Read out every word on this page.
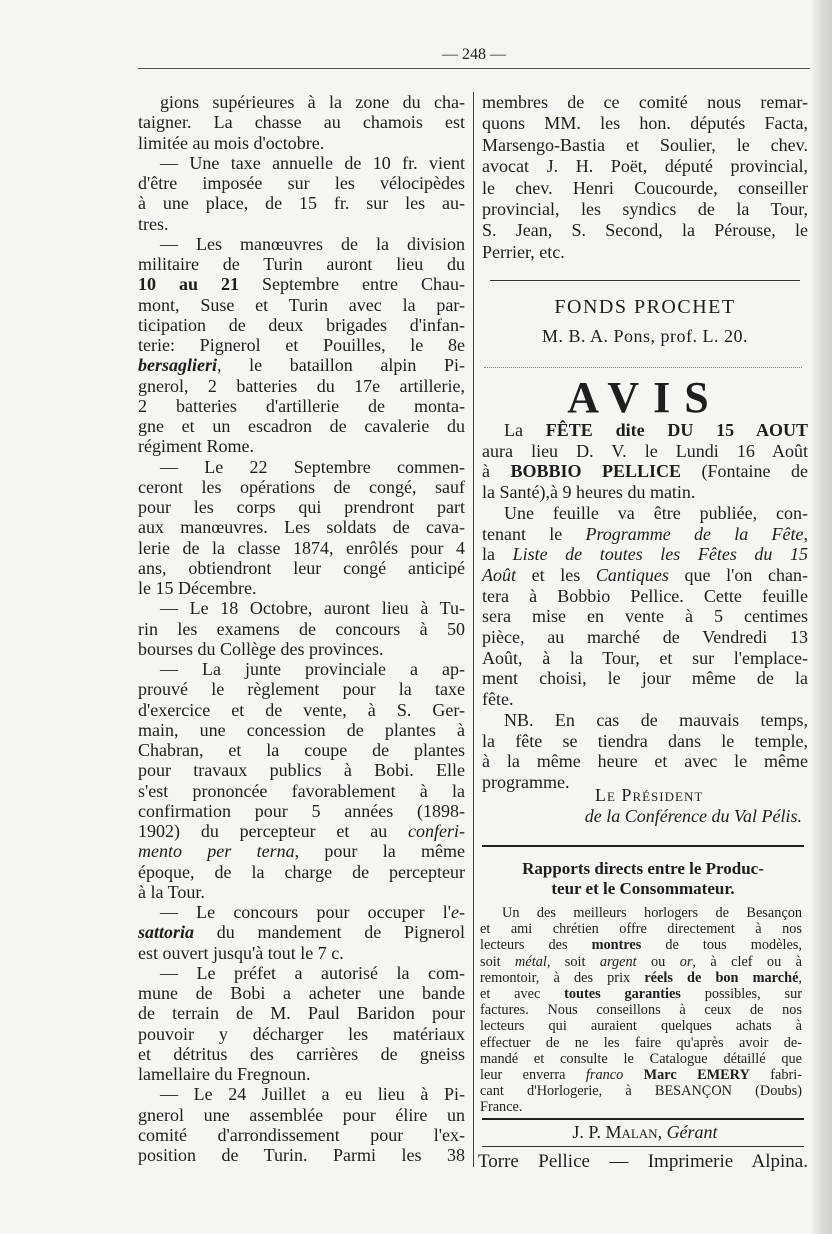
— 248 —
gions supérieures à la zone du cha-
taigner. La chasse au chamois est
limitée au mois d'octobre.
— Une taxe annuelle de 10 fr. vient
d'être imposée sur les vélocipèdes
à une place, de 15 fr. sur les au-
tres.
— Les manœuvres de la division
militaire de Turin auront lieu du
10 au 21 Septembre entre Chau-
mont, Suse et Turin avec la par-
ticipation de deux brigades d'infan-
terie: Pignerol et Pouilles, le 8e
bersaglieri, le bataillon alpin Pi-
gnerol, 2 batteries du 17e artillerie,
2 batteries d'artillerie de monta-
gne et un escadron de cavalerie du
régiment Rome.
— Le 22 Septembre commen-
ceront les opérations de congé, sauf
pour les corps qui prendront part
aux manœuvres. Les soldats de cava-
lerie de la classe 1874, enrôlés pour 4
ans, obtiendront leur congé anticipé
le 15 Décembre.
— Le 18 Octobre, auront lieu à Tu-
rin les examens de concours à 50
bourses du Collège des provinces.
— La junte provinciale a ap-
prouvé le règlement pour la taxe
d'exercice et de vente, à S. Ger-
main, une concession de plantes à
Chabran, et la coupe de plantes
pour travaux publics à Bobi. Elle
s'est prononcée favorablement à la
confirmation pour 5 années (1898-
1902) du percepteur et au conferi-
mento per terna, pour la même
époque, de la charge de percepteur
à la Tour.
— Le concours pour occuper l'e-
sattoria du mandement de Pignerol
est ouvert jusqu'à tout le 7 c.
— Le préfet a autorisé la com-
mune de Bobi a acheter une bande
de terrain de M. Paul Baridon pour
pouvoir y décharger les matériaux
et détritus des carrières de gneiss
lamellaire du Fregnoun.
— Le 24 Juillet a eu lieu à Pi-
gnerol une assemblée pour élire un
comité d'arrondissement pour l'ex-
position de Turin. Parmi les 38
membres de ce comité nous remar-
quons MM. les hon. députés Facta,
Marsengo-Bastia et Soulier, le chev.
avocat J. H. Poët, député provincial,
le chev. Henri Coucourde, conseiller
provincial, les syndics de la Tour,
S. Jean, S. Second, la Pérouse, le
Perrier, etc.
FONDS PROCHET
M. B. A. Pons, prof. L. 20.
AVIS
La FÊTE dite DU 15 AOUT
aura lieu D. V. le Lundi 16 Août
à BOBBIO PELLICE (Fontaine de
la Santé),à 9 heures du matin.
Une feuille va être publiée, con-
tenant le Programme de la Fête,
la Liste de toutes les Fêtes du 15
Août et les Cantiques que l'on chan-
tera à Bobbio Pellice. Cette feuille
sera mise en vente à 5 centimes
pièce, au marché de Vendredi 13
Août, à la Tour, et sur l'emplace-
ment choisi, le jour même de la
fête.
NB. En cas de mauvais temps,
la fête se tiendra dans le temple,
à la même heure et avec le même
programme.
Le Président
de la Conférence du Val Pélis.
Rapports directs entre le Produc-
teur et le Consommateur.
Un des meilleurs horlogers de Besançon
et ami chrétien offre directement à nos
lecteurs des montres de tous modèles,
soit métal, soit argent ou or, à clef ou à
remontoir, à des prix réels de bon marché,
et avec toutes garanties possibles, sur
factures. Nous conseillons à ceux de nos
lecteurs qui auraient quelques achats à
effectuer de ne les faire qu'après avoir de-
mandé et consulte le Catalogue détaillé que
leur enverra franco Marc EMERY fabri-
cant d'Horlogerie, à BESANÇON (Doubs)
France.
J. P. Malan, Gérant
Torre Pellice — Imprimerie Alpina.
